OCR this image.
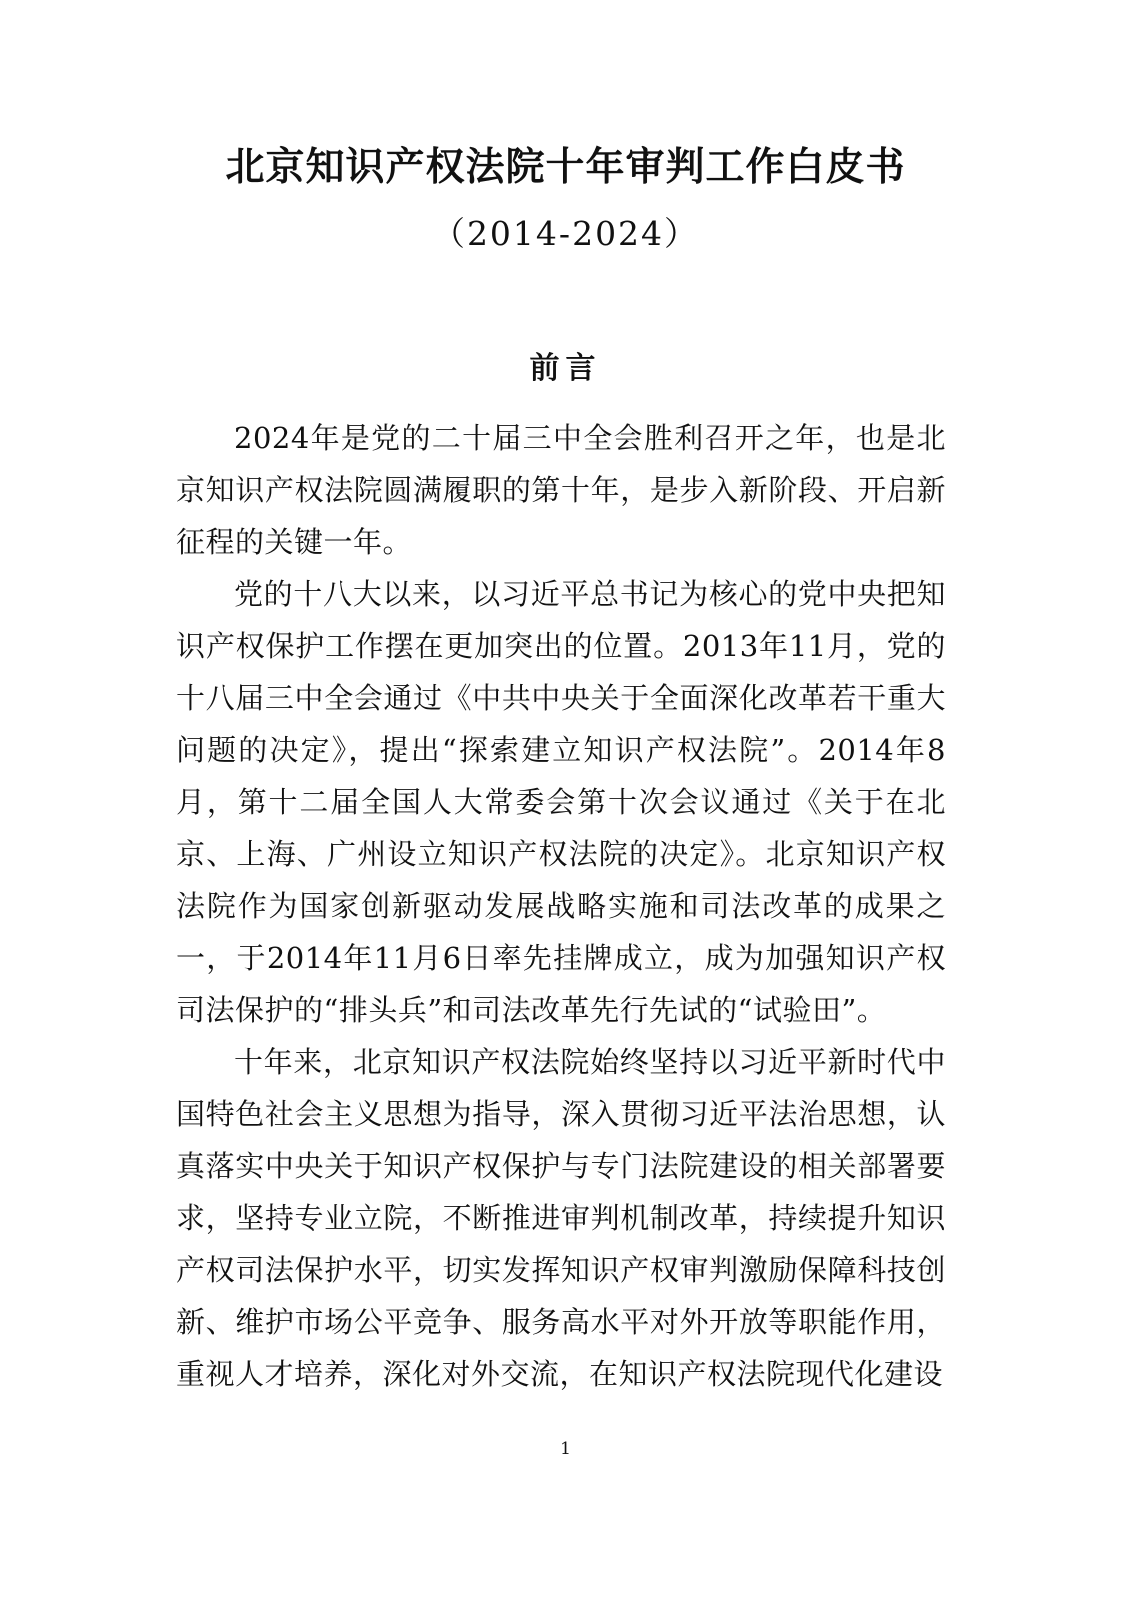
北京知识产权法院十年审判工作白皮书
（2014-2024）
前言

2024年是党的二十届三中全会胜利召开之年，也是北京知识产权法院圆满履职的第十年，是步入新阶段、开启新征程的关键一年。

党的十八大以来，以习近平总书记为核心的党中央把知识产权保护工作摆在更加突出的位置。2013年11月，党的十八届三中全会通过《中共中央关于全面深化改革若干重大问题的决定》，提出“探索建立知识产权法院”。2014年8月，第十二届全国人大常委会第十次会议通过《关于在北京、上海、广州设立知识产权法院的决定》。北京知识产权法院作为国家创新驱动发展战略实施和司法改革的成果之一，于2014年11月6日率先挂牌成立，成为加强知识产权司法保护的“排头兵”和司法改革先行先试的“试验田”。

十年来，北京知识产权法院始终坚持以习近平新时代中国特色社会主义思想为指导，深入贯彻习近平法治思想，认真落实中央关于知识产权保护与专门法院建设的相关部署要求，坚持专业立院，不断推进审判机制改革，持续提升知识产权司法保护水平，切实发挥知识产权审判激励保障科技创新、维护市场公平竞争、服务高水平对外开放等职能作用，重视人才培养，深化对外交流，在知识产权法院现代化建设

1
